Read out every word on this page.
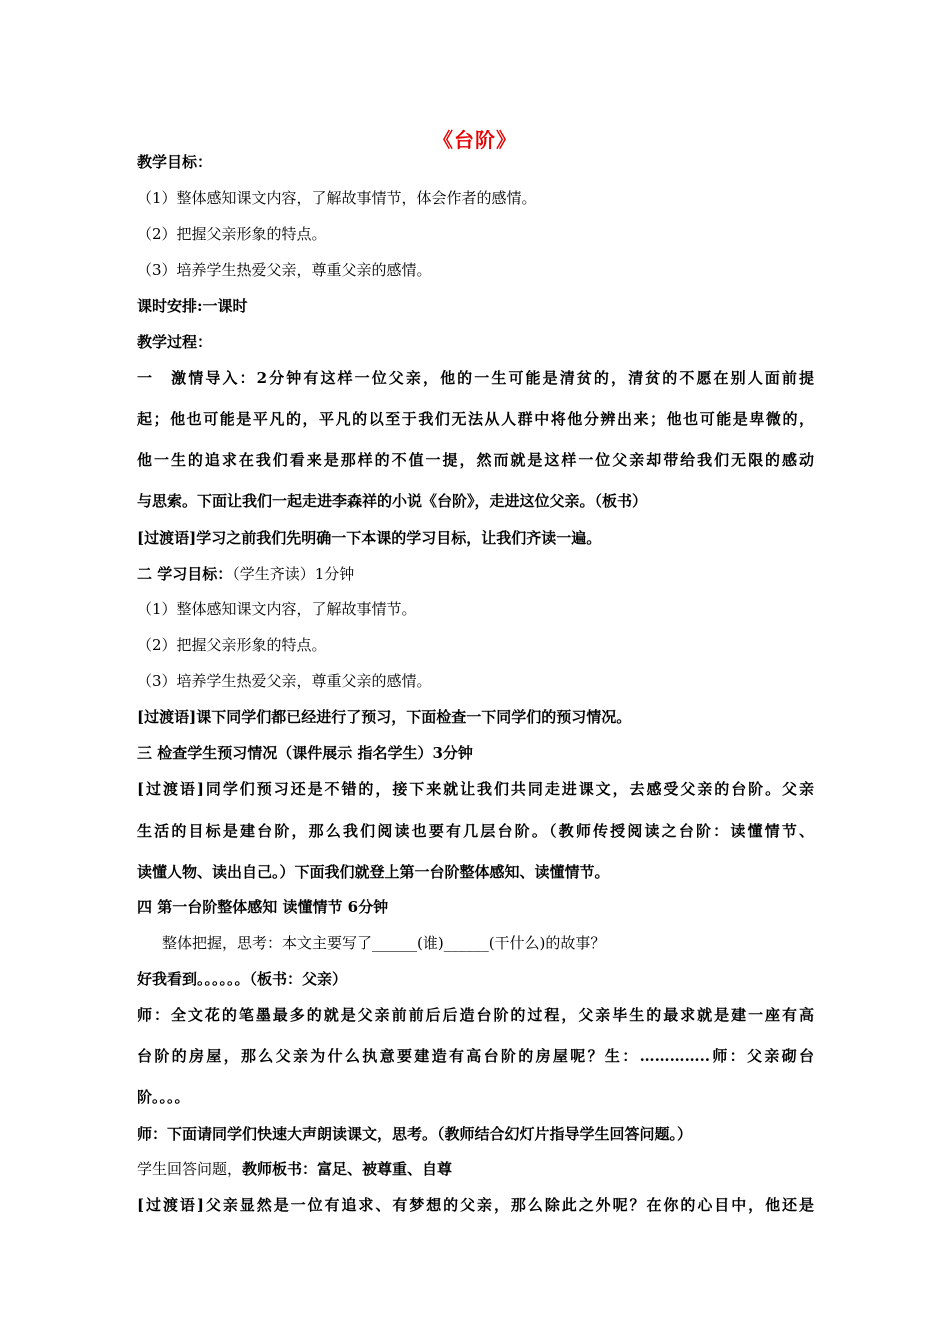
《台阶》
教学目标：
（1）整体感知课文内容，了解故事情节，体会作者的感情。
（2）把握父亲形象的特点。
（3）培养学生热爱父亲，尊重父亲的感情。
课时安排:一课时
教学过程：
一　激情导入：2分钟有这样一位父亲，他的一生可能是清贫的，清贫的不愿在别人面前提
起；他也可能是平凡的，平凡的以至于我们无法从人群中将他分辨出来；他也可能是卑微的，
他一生的追求在我们看来是那样的不值一提，然而就是这样一位父亲却带给我们无限的感动
与思索。下面让我们一起走进李森祥的小说《台阶》，走进这位父亲。（板书）
[过渡语]学习之前我们先明确一下本课的学习目标，让我们齐读一遍。
二 学习目标：（学生齐读）1分钟
（1）整体感知课文内容，了解故事情节。
（2）把握父亲形象的特点。
（3）培养学生热爱父亲，尊重父亲的感情。
[过渡语]课下同学们都已经进行了预习，下面检查一下同学们的预习情况。
三 检查学生预习情况（课件展示 指名学生）3分钟
[过渡语]同学们预习还是不错的，接下来就让我们共同走进课文，去感受父亲的台阶。父亲
生活的目标是建台阶，那么我们阅读也要有几层台阶。（教师传授阅读之台阶：读懂情节、
读懂人物、读出自己。）下面我们就登上第一台阶整体感知、读懂情节。
四 第一台阶整体感知 读懂情节 6分钟
整体把握，思考：本文主要写了______(谁)______(干什么)的故事？
好我看到。。。。。。（板书：父亲）
师：全文花的笔墨最多的就是父亲前前后后造台阶的过程，父亲毕生的最求就是建一座有高
台阶的房屋，那么父亲为什么执意要建造有高台阶的房屋呢？生：…………..师：父亲砌台
阶。。。。
师：下面请同学们快速大声朗读课文，思考。（教师结合幻灯片指导学生回答问题。）
学生回答问题，教师板书：富足、被尊重、自尊
[过渡语]父亲显然是一位有追求、有梦想的父亲，那么除此之外呢？在你的心目中，他还是
